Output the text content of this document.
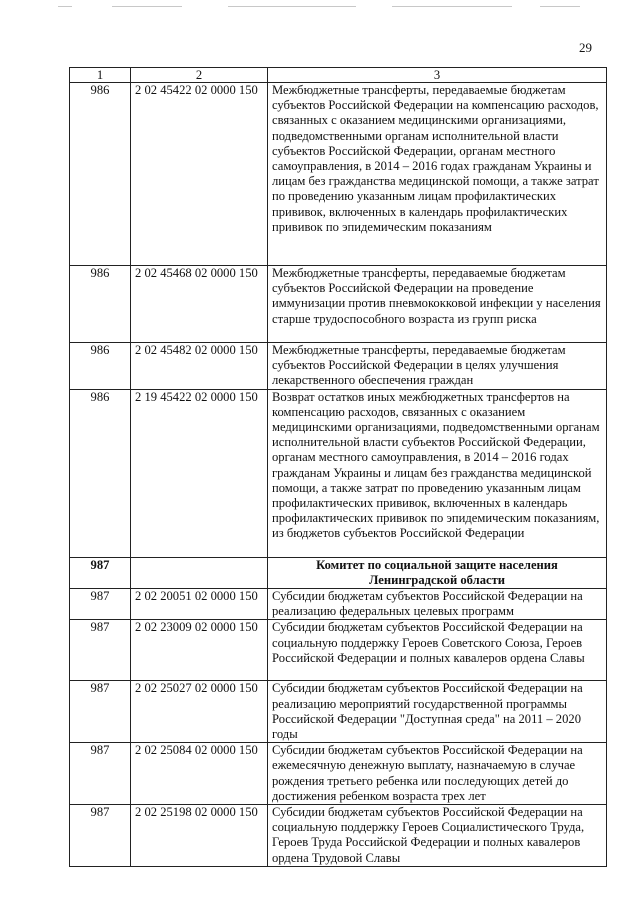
29
1	2	3
986	2 02 45422 02 0000 150	Межбюджетные трансферты, передаваемые бюджетам субъектов Российской Федерации на компенсацию расходов, связанных с оказанием медицинскими организациями, подведомственными органам исполнительной власти субъектов Российской Федерации, органам местного самоуправления, в 2014 – 2016 годах гражданам Украины и лицам без гражданства медицинской помощи, а также затрат по проведению указанным лицам профилактических прививок, включенных в календарь профилактических прививок по эпидемическим показаниям
986	2 02 45468 02 0000 150	Межбюджетные трансферты, передаваемые бюджетам субъектов Российской Федерации на проведение иммунизации против пневмококковой инфекции у населения старше трудоспособного возраста из групп риска
986	2 02 45482 02 0000 150	Межбюджетные трансферты, передаваемые бюджетам субъектов Российской Федерации в целях улучшения лекарственного обеспечения граждан
986	2 19 45422 02 0000 150	Возврат остатков иных межбюджетных трансфертов на компенсацию расходов, связанных с оказанием медицинскими организациями, подведомственными органам исполнительной власти субъектов Российской Федерации, органам местного самоуправления, в 2014 – 2016 годах гражданам Украины и лицам без гражданства медицинской помощи, а также затрат по проведению указанным лицам профилактических прививок, включенных в календарь профилактических прививок по эпидемическим показаниям, из бюджетов субъектов Российской Федерации
987		Комитет по социальной защите населения Ленинградской области
987	2 02 20051 02 0000 150	Субсидии бюджетам субъектов Российской Федерации на реализацию федеральных целевых программ
987	2 02 23009 02 0000 150	Субсидии бюджетам субъектов Российской Федерации на социальную поддержку Героев Советского Союза, Героев Российской Федерации и полных кавалеров ордена Славы
987	2 02 25027 02 0000 150	Субсидии бюджетам субъектов Российской Федерации на реализацию мероприятий государственной программы Российской Федерации "Доступная среда" на 2011 – 2020 годы
987	2 02 25084 02 0000 150	Субсидии бюджетам субъектов Российской Федерации на ежемесячную денежную выплату, назначаемую в случае рождения третьего ребенка или последующих детей до достижения ребенком возраста трех лет
987	2 02 25198 02 0000 150	Субсидии бюджетам субъектов Российской Федерации на социальную поддержку Героев Социалистического Труда, Героев Труда Российской Федерации и полных кавалеров ордена Трудовой Славы
